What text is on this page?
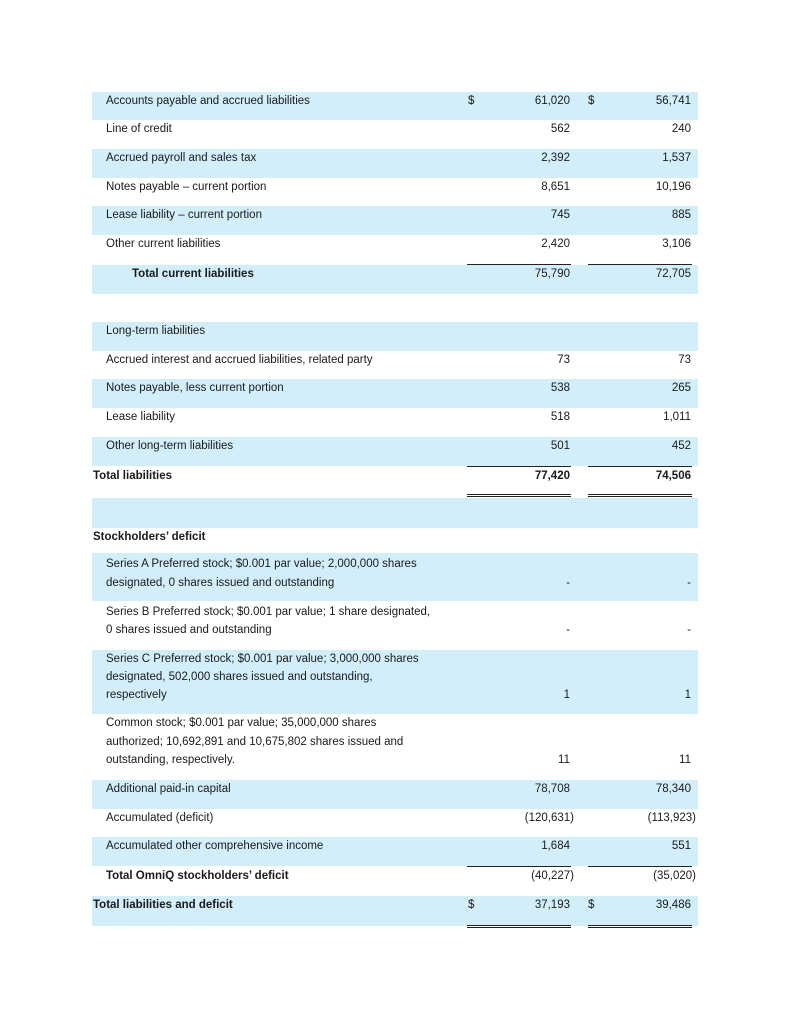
Accounts payable and accrued liabilities	$	61,020 $	56,741
Line of credit	562	240
Accrued payroll and sales tax	2,392	1,537
Notes payable – current portion	8,651	10,196
Lease liability – current portion	745	885
Other current liabilities	2,420	3,106
Total current liabilities	75,790	72,705
Long-term liabilities
Accrued interest and accrued liabilities, related party	73	73
Notes payable, less current portion	538	265
Lease liability	518	1,011
Other long-term liabilities	501	452
Total liabilities	77,420	74,506
Stockholders’ deficit
Series A Preferred stock; $0.001 par value; 2,000,000 shares
designated, 0 shares issued and outstanding	-	-
Series B Preferred stock; $0.001 par value; 1 share designated,
0 shares issued and outstanding	-	-
Series C Preferred stock; $0.001 par value; 3,000,000 shares
designated, 502,000 shares issued and outstanding,
respectively	1	1
Common stock; $0.001 par value; 35,000,000 shares
authorized; 10,692,891 and 10,675,802 shares issued and
outstanding, respectively.	11	11
Additional paid-in capital	78,708	78,340
Accumulated (deficit)	(120,631)	(113,923)
Accumulated other comprehensive income	1,684	551
Total OmniQ stockholders’ deficit	(40,227)	(35,020)
Total liabilities and deficit	$	37,193 $	39,486
